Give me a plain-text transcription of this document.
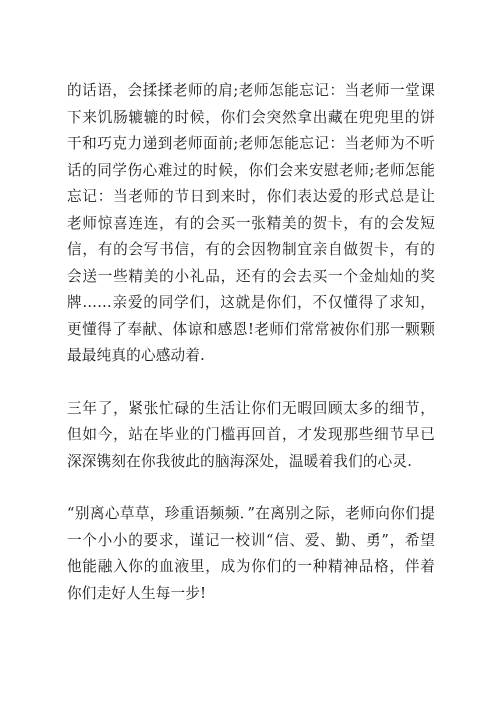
的话语，会揉揉老师的肩;老师怎能忘记：当老师一堂课下来饥肠辘辘的时候，你们会突然拿出藏在兜兜里的饼干和巧克力递到老师面前;老师怎能忘记：当老师为不听话的同学伤心难过的时候，你们会来安慰老师;老师怎能忘记：当老师的节日到来时，你们表达爱的形式总是让老师惊喜连连，有的会买一张精美的贺卡，有的会发短信，有的会写书信，有的会因物制宜亲自做贺卡，有的会送一些精美的小礼品，还有的会去买一个金灿灿的奖牌……亲爱的同学们，这就是你们，不仅懂得了求知，更懂得了奉献、体谅和感恩!老师们常常被你们那一颗颗最最纯真的心感动着.

三年了，紧张忙碌的生活让你们无暇回顾太多的细节，但如今，站在毕业的门槛再回首，才发现那些细节早已深深镌刻在你我彼此的脑海深处，温暖着我们的心灵.

“别离心草草，珍重语频频．”在离别之际，老师向你们提一个小小的要求，谨记一校训“信、爱、勤、勇”，希望他能融入你的血液里，成为你们的一种精神品格，伴着你们走好人生每一步!
